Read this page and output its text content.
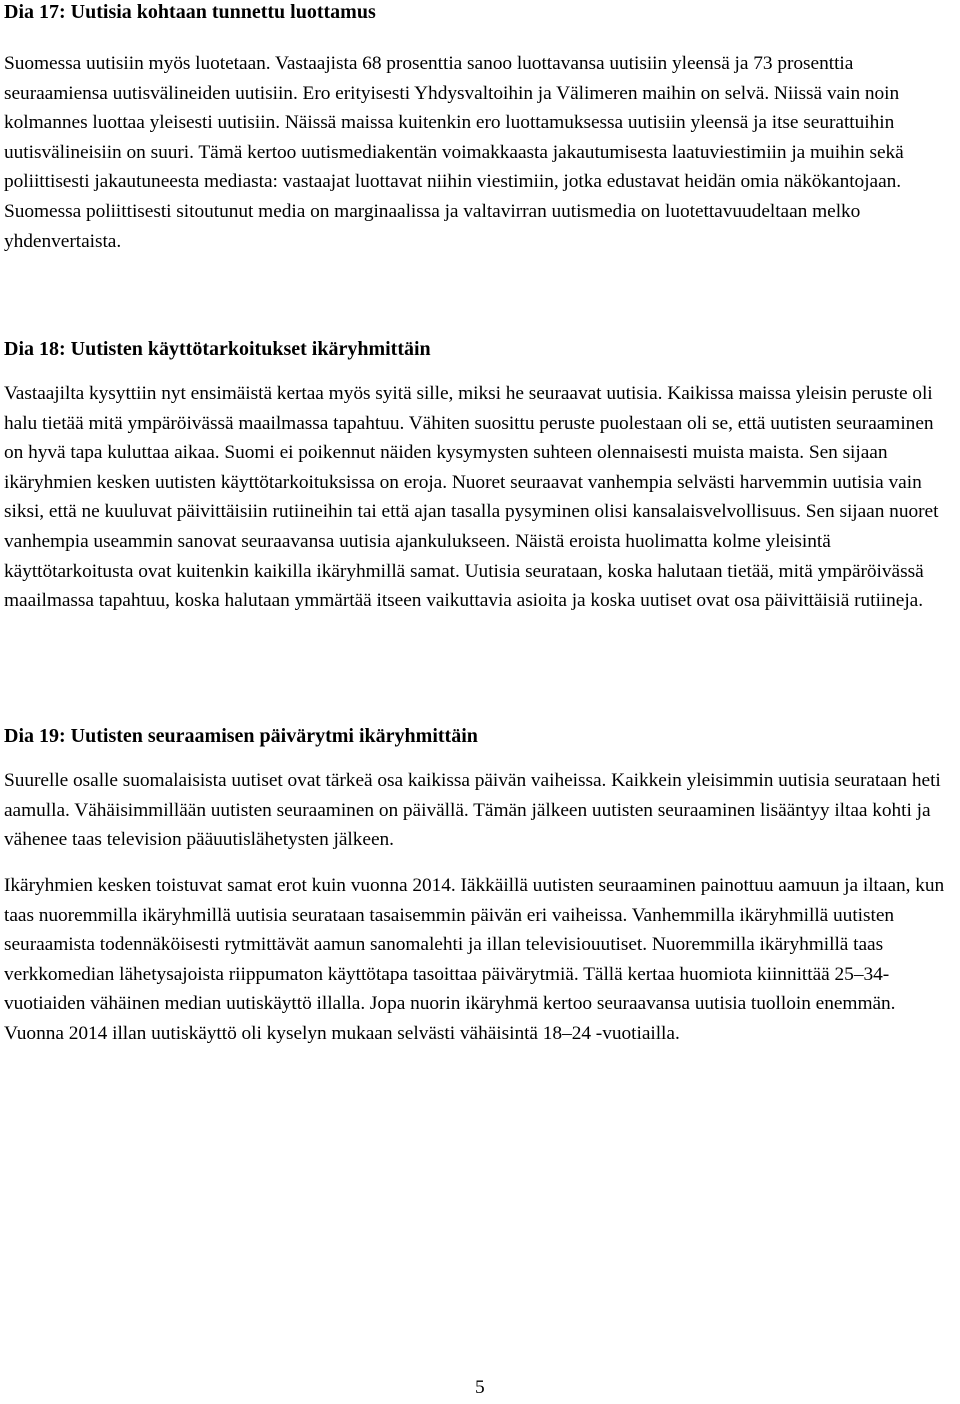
Dia 17: Uutisia kohtaan tunnettu luottamus

Suomessa uutisiin myös luotetaan. Vastaajista 68 prosenttia sanoo luottavansa uutisiin yleensä ja 73 prosenttia seuraamiensa uutisvälineiden uutisiin. Ero erityisesti Yhdysvaltoihin ja Välimeren maihin on selvä. Niissä vain noin kolmannes luottaa yleisesti uutisiin. Näissä maissa kuitenkin ero luottamuksessa uutisiin yleensä ja itse seurattuihin uutisvälineisiin on suuri. Tämä kertoo uutismediakentän voimakkaasta jakautumisesta laatuviestimiin ja muihin sekä poliittisesti jakautuneesta mediasta: vastaajat luottavat niihin viestimiin, jotka edustavat heidän omia näkökantojaan. Suomessa poliittisesti sitoutunut media on marginaalissa ja valtavirran uutismedia on luotettavuudeltaan melko yhdenvertaista.

Dia 18: Uutisten käyttötarkoitukset ikäryhmittäin

Vastaajilta kysyttiin nyt ensimäistä kertaa myös syitä sille, miksi he seuraavat uutisia. Kaikissa maissa yleisin peruste oli halu tietää mitä ympäröivässä maailmassa tapahtuu. Vähiten suosittu peruste puolestaan oli se, että uutisten seuraaminen on hyvä tapa kuluttaa aikaa. Suomi ei poikennut näiden kysymysten suhteen olennaisesti muista maista. Sen sijaan ikäryhmien kesken uutisten käyttötarkoituksissa on eroja. Nuoret seuraavat vanhempia selvästi harvemmin uutisia vain siksi, että ne kuuluvat päivittäisiin rutiineihin tai että ajan tasalla pysyminen olisi kansalaisvelvollisuus. Sen sijaan nuoret vanhempia useammin sanovat seuraavansa uutisia ajankulukseen. Näistä eroista huolimatta kolme yleisintä käyttötarkoitusta ovat kuitenkin kaikilla ikäryhmillä samat. Uutisia seurataan, koska halutaan tietää, mitä ympäröivässä maailmassa tapahtuu, koska halutaan ymmärtää itseen vaikuttavia asioita ja koska uutiset ovat osa päivittäisiä rutiineja.

Dia 19: Uutisten seuraamisen päivärytmi ikäryhmittäin

Suurelle osalle suomalaisista uutiset ovat tärkeä osa kaikissa päivän vaiheissa. Kaikkein yleisimmin uutisia seurataan heti aamulla. Vähäisimmillään uutisten seuraaminen on päivällä. Tämän jälkeen uutisten seuraaminen lisääntyy iltaa kohti ja vähenee taas television pääuutislähetysten jälkeen.

Ikäryhmien kesken toistuvat samat erot kuin vuonna 2014. Iäkkäillä uutisten seuraaminen painottuu aamuun ja iltaan, kun taas nuoremmilla ikäryhmillä uutisia seurataan tasaisemmin päivän eri vaiheissa. Vanhemmilla ikäryhmillä uutisten seuraamista todennäköisesti rytmittävät aamun sanomalehti ja illan televisiouutiset. Nuoremmilla ikäryhmillä taas verkkomedian lähetysajoista riippumaton käyttötapa tasoittaa päivärytmiä. Tällä kertaa huomiota kiinnittää 25–34-vuotiaiden vähäinen median uutiskäyttö illalla. Jopa nuorin ikäryhmä kertoo seuraavansa uutisia tuolloin enemmän. Vuonna 2014 illan uutiskäyttö oli kyselyn mukaan selvästi vähäisintä 18–24 -vuotiailla.

5
